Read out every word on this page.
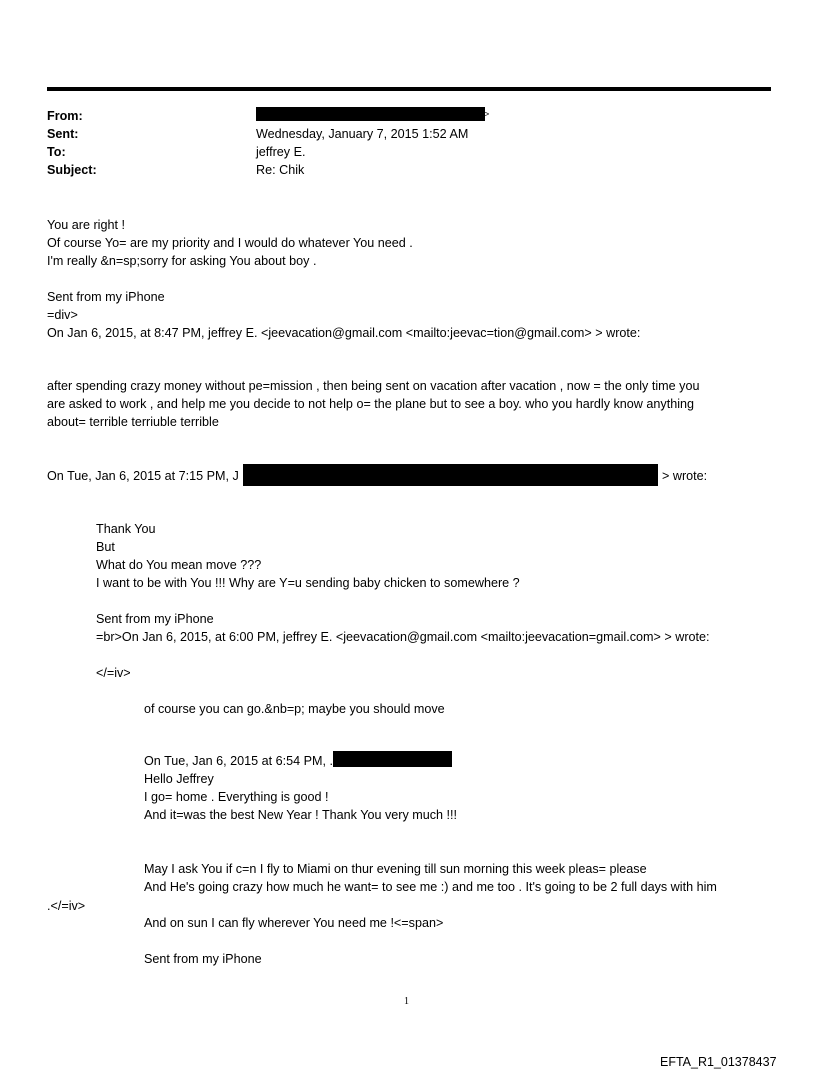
From:	>
Sent:	Wednesday, January 7, 2015 1:52 AM
To:	jeffrey E.
Subject:	Re: Chik
You are right !
Of course Yo= are my priority and I would do whatever You need .
I'm really &n=sp;sorry for asking You about boy .
Sent from my iPhone
=div>
On Jan 6, 2015, at 8:47 PM, jeffrey E. <jeevacation@gmail.com <mailto:jeevac=tion@gmail.com> > wrote:
after spending crazy money without pe=mission , then being sent on vacation after vacation , now = the only time you
are asked to work , and help me you decide to not help o= the plane but to see a boy. who you hardly know anything
about= terrible terriuble terrible
On Tue, Jan 6, 2015 at 7:15 PM, J	> wrote:
Thank You
But
What do You mean move ???
I want to be with You !!! Why are Y=u sending baby chicken to somewhere ?
Sent from my iPhone
=br>On Jan 6, 2015, at 6:00 PM, jeffrey E. <jeevacation@gmail.com <mailto:jeevacation=gmail.com> > wrote:
</=iv>
of course you can go.&nb=p; maybe you should move
On Tue, Jan 6, 2015 at 6:54 PM, .
Hello Jeffrey
I go= home . Everything is good !
And it=was the best New Year ! Thank You very much !!!
May I ask You if c=n I fly to Miami on thur evening till sun morning this week pleas= please
And He's going crazy how much he want= to see me :) and me too . It's going to be 2 full days with him
.</=iv>
And on sun I can fly wherever You need me !<=span>
Sent from my iPhone
1
EFTA_R1_01378437
